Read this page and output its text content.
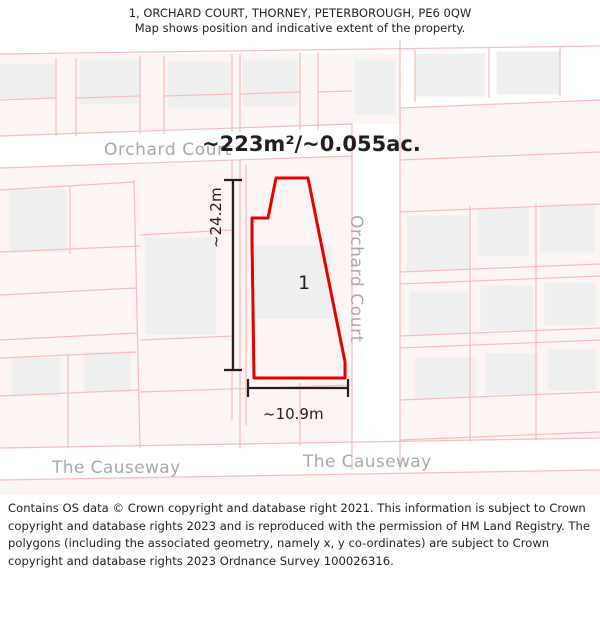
1, ORCHARD COURT, THORNEY, PETERBOROUGH, PE6 0QW
Map shows position and indicative extent of the property.
Orchard Court
Orchard Court
The Causeway	The Causeway
~223m²/~0.055ac.
1
~24.2m
~10.9m
Contains OS data © Crown copyright and database right 2021. This information is subject to Crown copyright and database rights 2023 and is reproduced with the permission of HM Land Registry. The polygons (including the associated geometry, namely x, y co-ordinates) are subject to Crown copyright and database rights 2023 Ordnance Survey 100026316.
